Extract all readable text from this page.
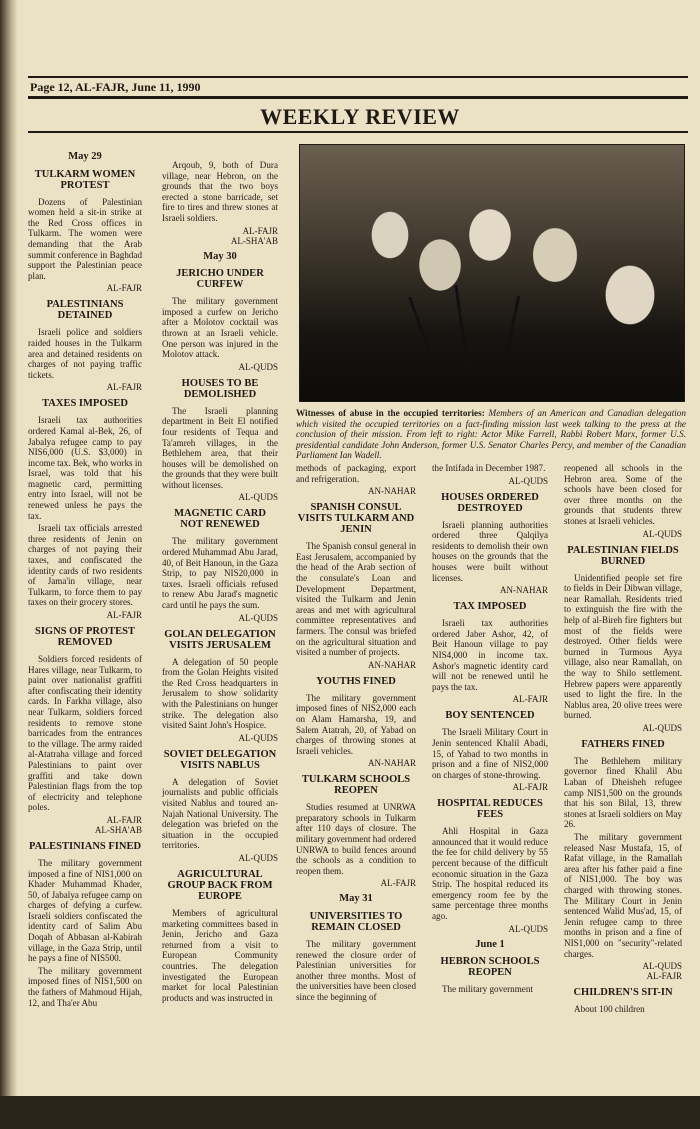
Page 12, AL-FAJR, June 11, 1990
WEEKLY REVIEW
May 29
TULKARM WOMEN PROTEST

Dozens of Palestinian women held a sit-in strike at the Red Cross offices in Tulkarm. The women were demanding that the Arab summit conference in Baghdad support the Palestinian peace plan.

AL-FAJR
PALESTINIANS DETAINED

Israeli police and soldiers raided houses in the Tulkarm area and detained residents on charges of not paying traffic tickets.

AL-FAJR
TAXES IMPOSED

Israeli tax authorities ordered Kamal al-Bek, 26, of Jabalya refugee camp to pay NIS6,000 (U.S. $3,000) in income tax. Bek, who works in Israel, was told that his magnetic card, permitting entry into Israel, will not be renewed unless he pays the tax.

Israeli tax officials arrested three residents of Jenin on charges of not paying their taxes, and confiscated the identity cards of two residents of Jama'in village, near Tulkarm, to force them to pay taxes on their grocery stores.

AL-FAJR
SIGNS OF PROTEST REMOVED

Soldiers forced residents of Hares village, near Tulkarm, to paint over nationalist graffiti after confiscating their identity cards. In Farkha village, also near Tulkarm, soldiers forced residents to remove stone barricades from the entrances to the village. The army raided al-Atatraha village and forced Palestinians to paint over graffiti and take down Palestinian flags from the top of electricity and telephone poles.

AL-FAJR
AL-SHA'AB
PALESTINIANS FINED

The military government imposed a fine of NIS1,000 on Khader Muhammad Khader, 50, of Jabalya refugee camp on charges of defying a curfew. Israeli soldiers confiscated the identity card of Salim Abu Doqah of Abbasan al-Kabirah village, in the Gaza Strip, until he pays a fine of NIS500.

The military government imposed fines of NIS1,500 on the fathers of Mahmoud Hijah, 12, and Tha'er Abu

Arqoub, 9, both of Dura village, near Hebron, on the grounds that the two boys erected a stone barricade, set fire to tires and threw stones at Israeli soldiers.

AL-FAJR
AL-SHA'AB
May 30
JERICHO UNDER CURFEW

The military government imposed a curfew on Jericho after a Molotov cocktail was thrown at an Israeli vehicle. One person was injured in the Molotov attack.

AL-QUDS
HOUSES TO BE DEMOLISHED

The Israeli planning department in Beit El notified four residents of Tequa and Ta'amreh villages, in the Bethlehem area, that their houses will be demolished on the grounds that they were built without licenses.

AL-QUDS
MAGNETIC CARD NOT RENEWED

The military government ordered Muhammad Abu Jarad, 40, of Beit Hanoun, in the Gaza Strip, to pay NIS20,000 in taxes. Israeli officials refused to renew Abu Jarad's magnetic card until he pays the sum.

AL-QUDS
GOLAN DELEGATION VISITS JERUSALEM

A delegation of 50 people from the Golan Heights visited the Red Cross headquarters in Jerusalem to show solidarity with the Palestinians on hunger strike. The delegation also visited Saint John's Hospice.

AL-QUDS
SOVIET DELEGATION VISITS NABLUS

A delegation of Soviet journalists and public officials visited Nablus and toured an-Najah National University. The delegation was briefed on the situation in the occupied territories.

AL-QUDS
AGRICULTURAL GROUP BACK FROM EUROPE

Members of agricultural marketing committees based in Jenin, Jericho and Gaza returned from a visit to European Community countries. The delegation investigated the European market for local Palestinian products and was instructed in

Witnesses of abuse in the occupied territories: Members of an American and Canadian delegation which visited the occupied territories on a fact-finding mission last week talking to the press at the conclusion of their mission. From left to right: Actor Mike Farrell, Rabbi Robert Marx, former U.S. presidential candidate John Anderson, former U.S. Senator Charles Percy, and member of the Canadian Parliament Ian Wadell.

methods of packaging, export and refrigeration.

AN-NAHAR
SPANISH CONSUL VISITS TULKARM AND JENIN

The Spanish consul general in East Jerusalem, accompanied by the head of the Arab section of the consulate's Loan and Development Department, visited the Tulkarm and Jenin areas and met with agricultural committee representatives and farmers. The consul was briefed on the agricultural situation and visited a number of projects.

AN-NAHAR
YOUTHS FINED

The military government imposed fines of NIS2,000 each on Alam Hamarsha, 19, and Salem Atatrah, 20, of Yabad on charges of throwing stones at Israeli vehicles.

AN-NAHAR
TULKARM SCHOOLS REOPEN

Studies resumed at UNRWA preparatory schools in Tulkarm after 110 days of closure. The military government had ordered UNRWA to build fences around the schools as a condition to reopen them.

AL-FAJR
May 31
UNIVERSITIES TO REMAIN CLOSED

The military government renewed the closure order of Palestinian universities for another three months. Most of the universities have been closed since the beginning of

the Intifada in December 1987.

AL-QUDS
HOUSES ORDERED DESTROYED

Israeli planning authorities ordered three Qalqilya residents to demolish their own houses on the grounds that the houses were built without licenses.

AN-NAHAR
TAX IMPOSED

Israeli tax authorities ordered Jaber Ashor, 42, of Beit Hanoun village to pay NIS4,000 in income tax. Ashor's magnetic identity card will not be renewed until he pays the tax.

AL-FAJR
BOY SENTENCED

The Israeli Military Court in Jenin sentenced Khalil Abadi, 15, of Yabad to two months in prison and a fine of NIS2,000 on charges of stone-throwing.

AL-FAJR
HOSPITAL REDUCES FEES

Ahli Hospital in Gaza announced that it would reduce the fee for child delivery by 55 percent because of the difficult economic situation in the Gaza Strip. The hospital reduced its emergency room fee by the same percentage three months ago.

AL-QUDS
June 1
HEBRON SCHOOLS REOPEN

The military government

reopened all schools in the Hebron area. Some of the schools have been closed for over three months on the grounds that students threw stones at Israeli vehicles.

AL-QUDS
PALESTINIAN FIELDS BURNED

Unidentified people set fire to fields in Deir Dibwan village, near Ramallah. Residents tried to extinguish the fire with the help of al-Bireh fire fighters but most of the fields were destroyed. Other fields were burned in Turmous Ayya village, also near Ramallah, on the way to Shilo settlement. Hebrew papers were apparently used to light the fire. In the Nablus area, 20 olive trees were burned.

AL-QUDS
FATHERS FINED

The Bethlehem military governor fined Khalil Abu Laban of Dheisheh refugee camp NIS1,500 on the grounds that his son Bilal, 13, threw stones at Israeli soldiers on May 26.

The military government released Nasr Mustafa, 15, of Rafat village, in the Ramallah area after his father paid a fine of NIS1,000. The boy was charged with throwing stones. The Military Court in Jenin sentenced Walid Mus'ad, 15, of Jenin refugee camp to three months in prison and a fine of NIS1,000 on "security"-related charges.

AL-QUDS
AL-FAJR
CHILDREN'S SIT-IN

About 100 children
